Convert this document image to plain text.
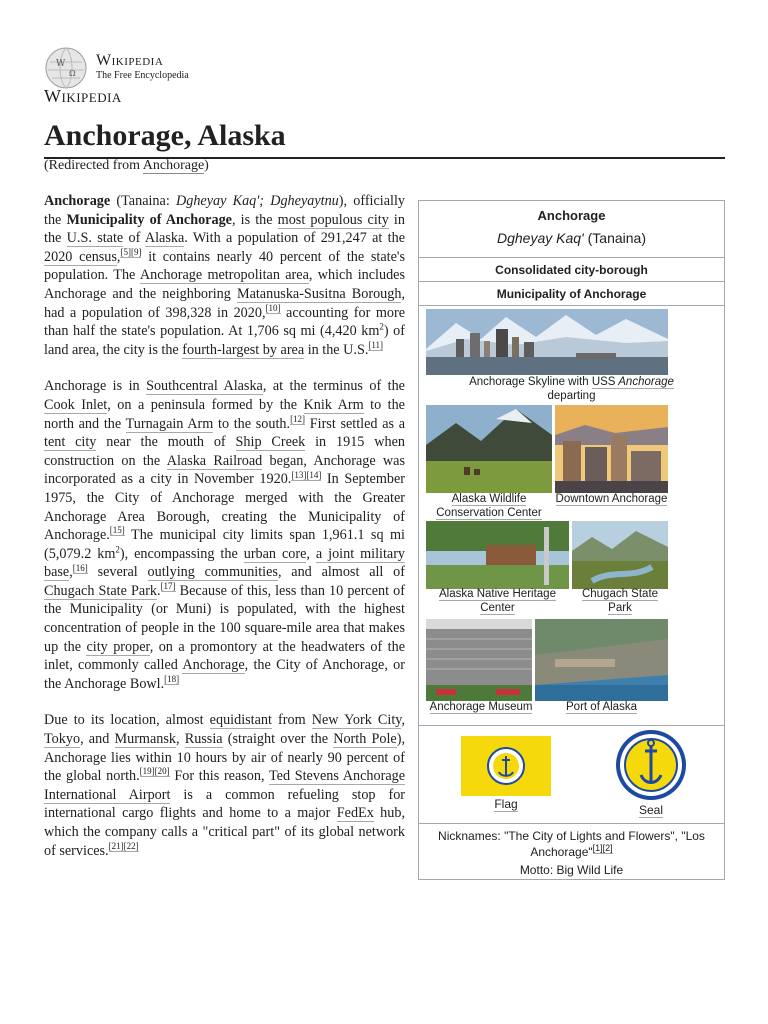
W
Ω
Wikipedia
The Free Encyclopedia
Wikipedia
Anchorage, Alaska
(Redirected from Anchorage)

Anchorage (Tanaina: Dgheyay Kaq'; Dgheyaytnu), officially the Municipality of Anchorage, is the most populous city in the U.S. state of Alaska. With a population of 291,247 at the 2020 census,[5][9] it contains nearly 40 percent of the state's population. The Anchorage metropolitan area, which includes Anchorage and the neighboring Matanuska-Susitna Borough, had a population of 398,328 in 2020,[10] accounting for more than half the state's population. At 1,706 sq mi (4,420 $km^2$) of land area, the city is the fourth-largest by area in the U.S.[11]

Anchorage is in Southcentral Alaska, at the terminus of the Cook Inlet, on a peninsula formed by the Knik Arm to the north and the Turnagain Arm to the south.[12] First settled as a tent city near the mouth of Ship Creek in 1915 when construction on the Alaska Railroad began, Anchorage was incorporated as a city in November 1920.[13][14] In September 1975, the City of Anchorage merged with the Greater Anchorage Area Borough, creating the Municipality of Anchorage.[15] The municipal city limits span 1,961.1 sq mi (5,079.2 $km^2$), encompassing the urban core, a joint military base,[16] several outlying communities, and almost all of Chugach State Park.[17] Because of this, less than 10 percent of the Municipality (or Muni) is populated, with the highest concentration of people in the 100 square-mile area that makes up the city proper, on a promontory at the headwaters of the inlet, commonly called Anchorage, the City of Anchorage, or the Anchorage Bowl.[18]

Due to its location, almost equidistant from New York City, Tokyo, and Murmansk, Russia (straight over the North Pole), Anchorage lies within 10 hours by air of nearly 90 percent of the global north.[19][20] For this reason, Ted Stevens Anchorage International Airport is a common refueling stop for international cargo flights and home to a major FedEx hub, which the company calls a "critical part" of its global network of services.[21][22]

Anchorage
Dgheyay Kaq' (Tanaina)
Consolidated city-borough
Municipality of Anchorage
Anchorage Skyline with USS Anchorage
departing
Alaska Wildlife Conservation Center
Downtown Anchorage
Alaska Native Heritage Center
Chugach State Park
Anchorage Museum	Port of Alaska
Flag	Seal
Nicknames: "The City of Lights and Flowers", "Los Anchorage"[1][2]
Motto: Big Wild Life
